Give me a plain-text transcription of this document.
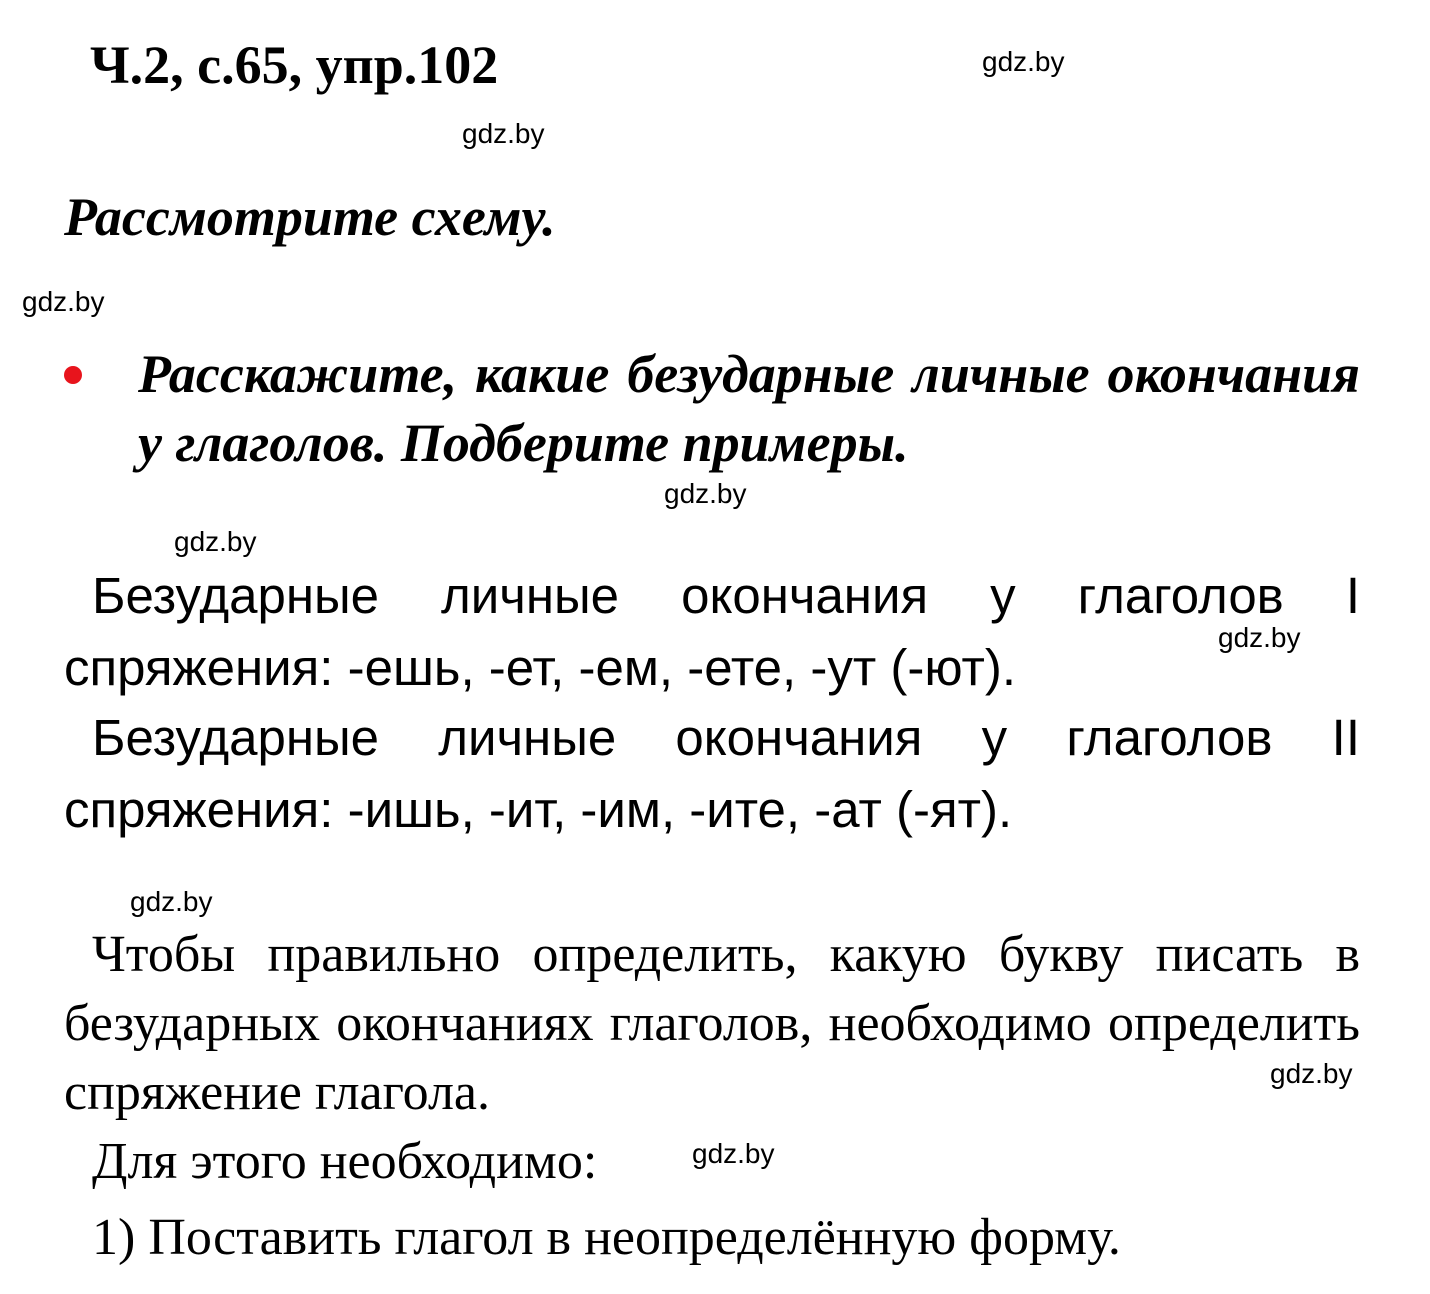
Ч.2, с.65, упр.102
Рассмотрите схему.
Расскажите, какие безударные личные окончания у глаголов. Подберите примеры.
Безударные личные окончания у глаголов I спряжения: -ешь, -ет, -ем, -ете, -ут (-ют).
Безударные личные окончания у глаголов II спряжения: -ишь, -ит, -им, -ите, -ат (-ят).
Чтобы правильно определить, какую букву писать в безударных окончаниях глаголов, необходимо определить спряжение глагола.
Для этого необходимо:
1) Поставить глагол в неопределённую форму.
gdz.by
gdz.by
gdz.by
gdz.by
gdz.by
gdz.by
gdz.by
gdz.by
gdz.by
